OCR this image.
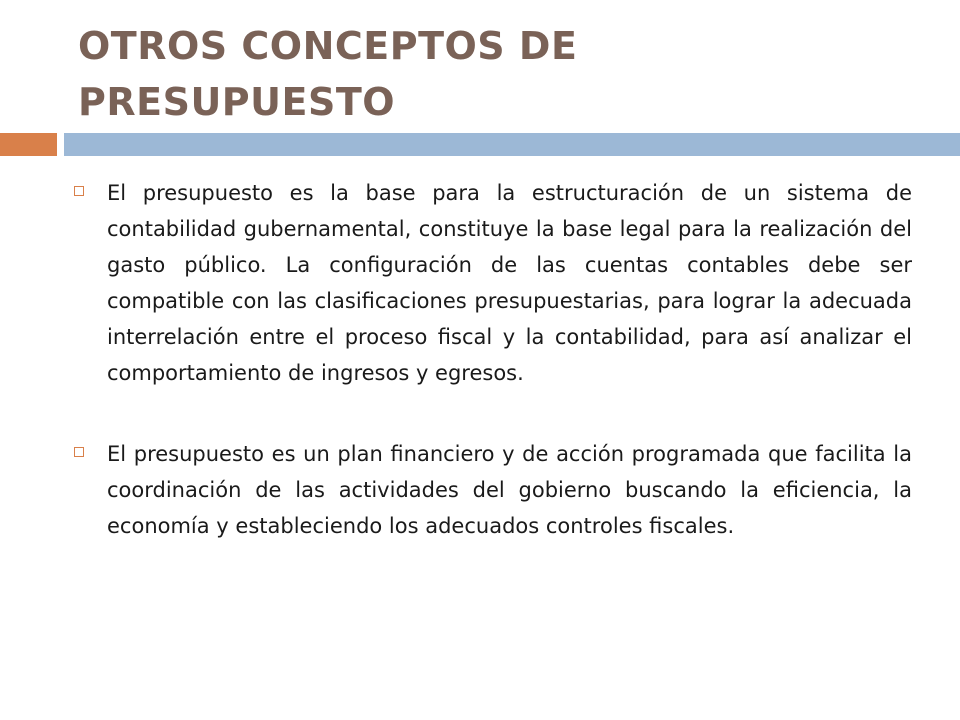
OTROS CONCEPTOS DE PRESUPUESTO
El presupuesto es la base para la estructuración de un sistema de contabilidad gubernamental, constituye la base legal para la realización del gasto público. La configuración de las cuentas contables debe ser compatible con las clasificaciones presupuestarias, para lograr la adecuada interrelación entre el proceso fiscal y la contabilidad, para así analizar el comportamiento de ingresos y egresos.
El presupuesto es un plan financiero y de acción programada que facilita la coordinación de las actividades del gobierno buscando la eficiencia, la economía y estableciendo los adecuados controles fiscales.
